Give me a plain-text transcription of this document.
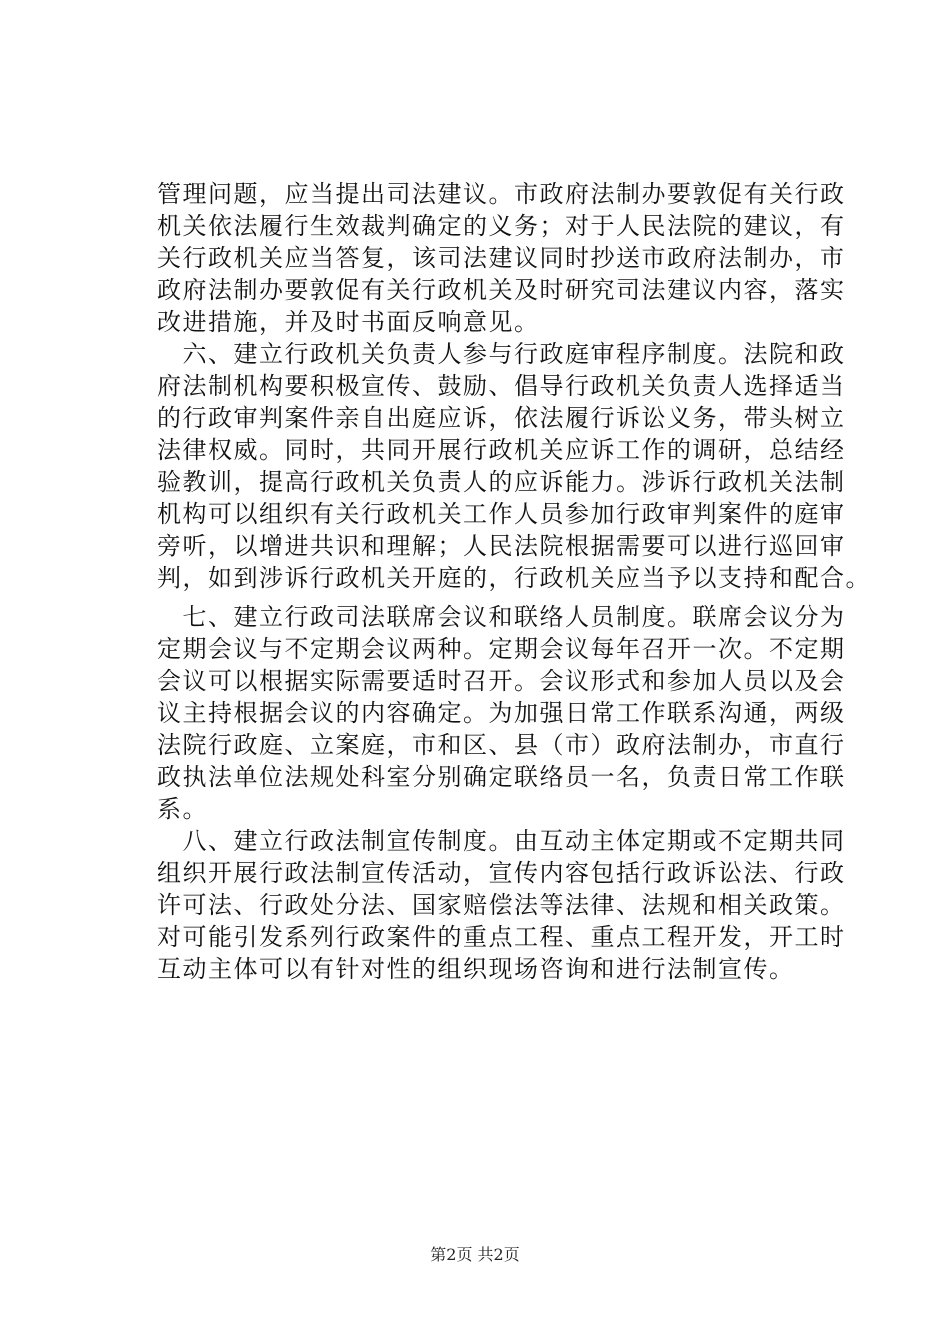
管理问题，应当提出司法建议。市政府法制办要敦促有关行政
机关依法履行生效裁判确定的义务；对于人民法院的建议，有
关行政机关应当答复，该司法建议同时抄送市政府法制办，市
政府法制办要敦促有关行政机关及时研究司法建议内容，落实
改进措施，并及时书面反响意见。
　六、建立行政机关负责人参与行政庭审程序制度。法院和政
府法制机构要积极宣传、鼓励、倡导行政机关负责人选择适当
的行政审判案件亲自出庭应诉，依法履行诉讼义务，带头树立
法律权威。同时，共同开展行政机关应诉工作的调研，总结经
验教训，提高行政机关负责人的应诉能力。涉诉行政机关法制
机构可以组织有关行政机关工作人员参加行政审判案件的庭审
旁听，以增进共识和理解；人民法院根据需要可以进行巡回审
判，如到涉诉行政机关开庭的，行政机关应当予以支持和配合。
　七、建立行政司法联席会议和联络人员制度。联席会议分为
定期会议与不定期会议两种。定期会议每年召开一次。不定期
会议可以根据实际需要适时召开。会议形式和参加人员以及会
议主持根据会议的内容确定。为加强日常工作联系沟通，两级
法院行政庭、立案庭，市和区、县（市）政府法制办，市直行
政执法单位法规处科室分别确定联络员一名，负责日常工作联
系。
　八、建立行政法制宣传制度。由互动主体定期或不定期共同
组织开展行政法制宣传活动，宣传内容包括行政诉讼法、行政
许可法、行政处分法、国家赔偿法等法律、法规和相关政策。
对可能引发系列行政案件的重点工程、重点工程开发，开工时
互动主体可以有针对性的组织现场咨询和进行法制宣传。
第2页 共2页
